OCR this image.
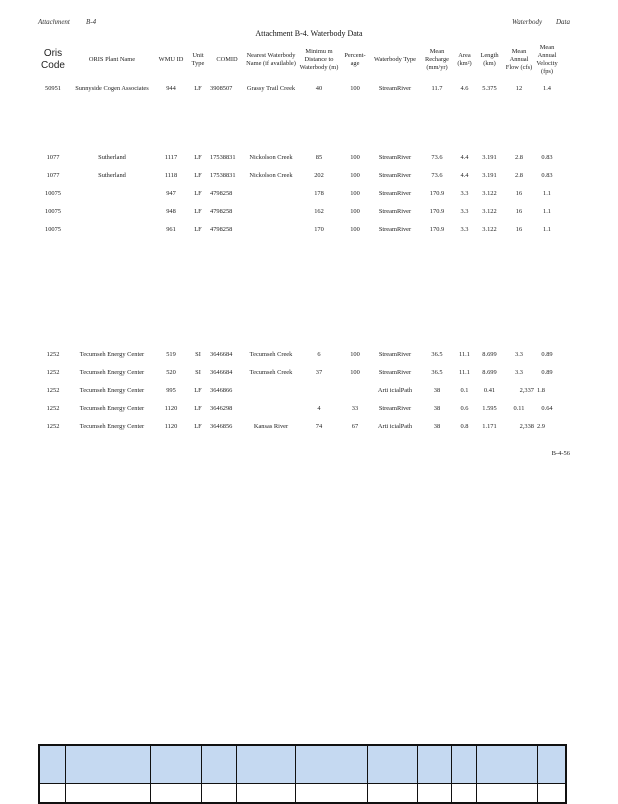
Attachment B-4	Waterbody Data
Attachment B-4. Waterbody Data
Oris Code	ORIS Plant Name	WMU ID	Unit Type	COMID	Nearest Waterbody Name (if available)	Minimu m Distance to Waterbody (m)	Percent- age	Waterbody Type	Mean Recharge (mm/yr)	Area (km²)	Length (km)	Mean Annual Flow (cfs)	Mean Annual Velocity (fps)
50951	Sunnyside Cogen Associates	944	LF	3908507	Grassy Trail Creek	40	100	StreamRiver	11.7	4.6	5.375	12	1.4

1077	Sutherland	1117	LF	17538831	Nickolson Creek	85	100	StreamRiver	73.6	4.4	3.191	2.8	0.83
1077	Sutherland	1118	LF	17538831	Nickolson Creek	202	100	StreamRiver	73.6	4.4	3.191	2.8	0.83
10075		947	LF	4798258		178	100	StreamRiver	170.9	3.3	3.122	16	1.1
10075		948	LF	4798258		162	100	StreamRiver	170.9	3.3	3.122	16	1.1
10075		961	LF	4798258		170	100	StreamRiver	170.9	3.3	3.122	16	1.1

1252	Tecumseh Energy Center	519	SI	3646684	Tecumseh Creek	6	100	StreamRiver	36.5	11.1	8.699	3.3	0.89
1252	Tecumseh Energy Center	520	SI	3646684	Tecumseh Creek	37	100	StreamRiver	36.5	11.1	8.699	3.3	0.89
1252	Tecumseh Energy Center	995	LF	3646866				Arti icialPath	38	0.1	0.41	2,337	1.8
1252	Tecumseh Energy Center	1120	LF	3646298		4	33	StreamRiver	38	0.6	1.595	0.11	0.64
1252	Tecumseh Energy Center	1120	LF	3646856	Kansas River	74	67	Arti icialPath	38	0.8	1.171	2,338	2.9
B-4-56
